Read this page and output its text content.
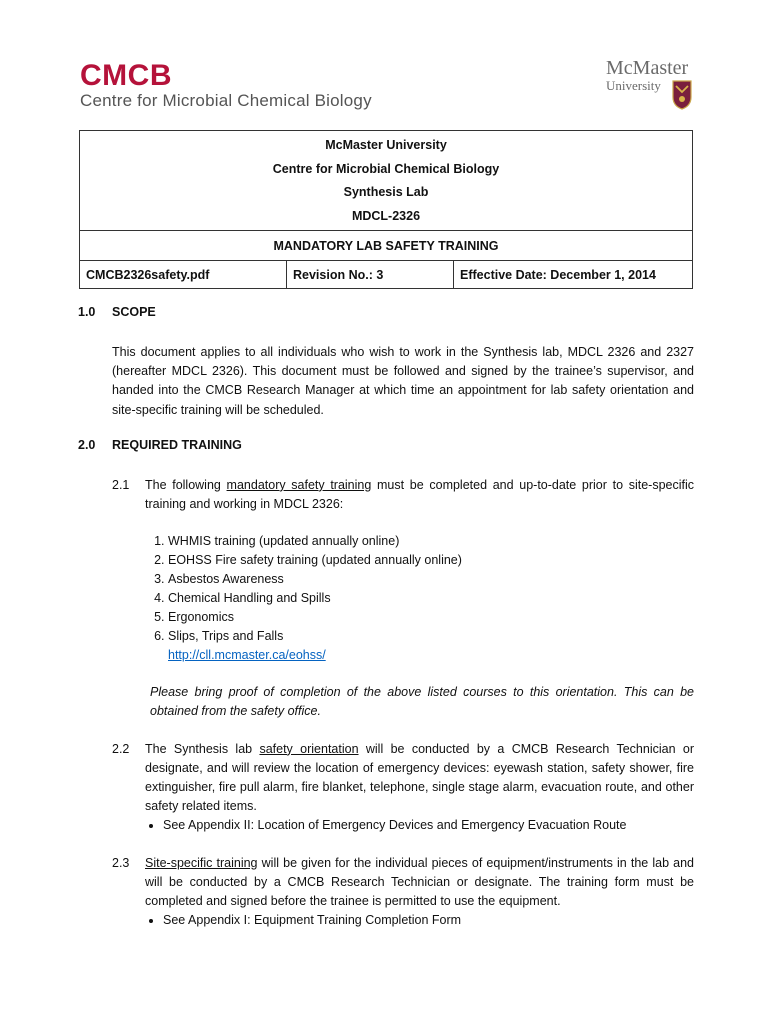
CMCB
Centre for Microbial Chemical Biology
McMaster
University
McMaster University
Centre for Microbial Chemical Biology
Synthesis Lab
MDCL-2326

MANDATORY LAB SAFETY TRAINING
CMCB2326safety.pdf	Revision No.: 3	Effective Date: December 1, 2014
1.0 SCOPE
This document applies to all individuals who wish to work in the Synthesis lab, MDCL 2326 and 2327 (hereafter MDCL 2326). This document must be followed and signed by the trainee’s supervisor, and handed into the CMCB Research Manager at which time an appointment for lab safety orientation and site-specific training will be scheduled.
2.0 REQUIRED TRAINING
2.1 The following mandatory safety training must be completed and up-to-date prior to site-specific training and working in MDCL 2326:
1. WHMIS training (updated annually online)
2. EOHSS Fire safety training (updated annually online)
3. Asbestos Awareness
4. Chemical Handling and Spills
5. Ergonomics
6. Slips, Trips and Falls
http://cll.mcmaster.ca/eohss/
Please bring proof of completion of the above listed courses to this orientation. This can be obtained from the safety office.
2.2 The Synthesis lab safety orientation will be conducted by a CMCB Research Technician or designate, and will review the location of emergency devices: eyewash station, safety shower, fire extinguisher, fire pull alarm, fire blanket, telephone, single stage alarm, evacuation route, and other safety related items.
• See Appendix II: Location of Emergency Devices and Emergency Evacuation Route
2.3 Site-specific training will be given for the individual pieces of equipment/instruments in the lab and will be conducted by a CMCB Research Technician or designate. The training form must be completed and signed before the trainee is permitted to use the equipment.
• See Appendix I: Equipment Training Completion Form
